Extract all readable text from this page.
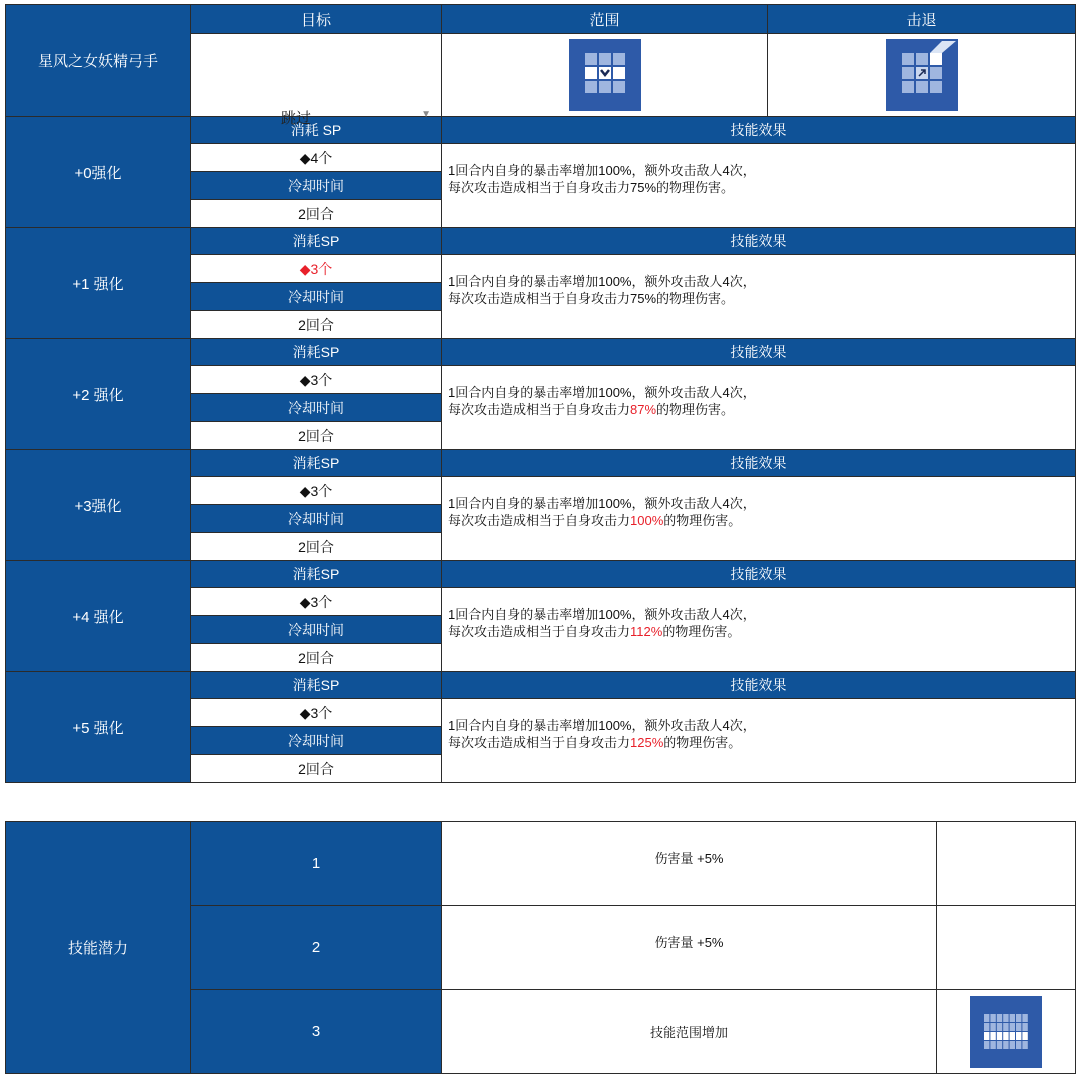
星风之女妖精弓手	目标	范围	击退

	跳过 ▼

+0强化	消耗 SP	技能效果	
	◆4个	1回合内自身的暴击率增加100%，额外攻击敌人4次，
每次攻击造成相当于自身攻击力75%的物理伤害。	

	冷却时间		
	2回合		
+1 强化	消耗SP	技能效果	
	◆3个	1回合内自身的暴击率增加100%，额外攻击敌人4次，
每次攻击造成相当于自身攻击力75%的物理伤害。	

	冷却时间		
	2回合		
+2 强化	消耗SP	技能效果	
	◆3个	1回合内自身的暴击率增加100%，额外攻击敌人4次，
每次攻击造成相当于自身攻击力87%的物理伤害。	

	冷却时间		
	2回合		
+3强化	消耗SP	技能效果	
	◆3个	1回合内自身的暴击率增加100%，额外攻击敌人4次，
每次攻击造成相当于自身攻击力100%的物理伤害。	

	冷却时间		
	2回合		
+4 强化	消耗SP	技能效果	
	◆3个	1回合内自身的暴击率增加100%，额外攻击敌人4次，
每次攻击造成相当于自身攻击力112%的物理伤害。	

	冷却时间		
	2回合		
+5 强化	消耗SP	技能效果	
	◆3个	1回合内自身的暴击率增加100%，额外攻击敌人4次，
每次攻击造成相当于自身攻击力125%的物理伤害。	

	冷却时间		
	2回合		
技能潜力	1	伤害量 +5%	
	2	伤害量 +5%	
	3	技能范围增加	
